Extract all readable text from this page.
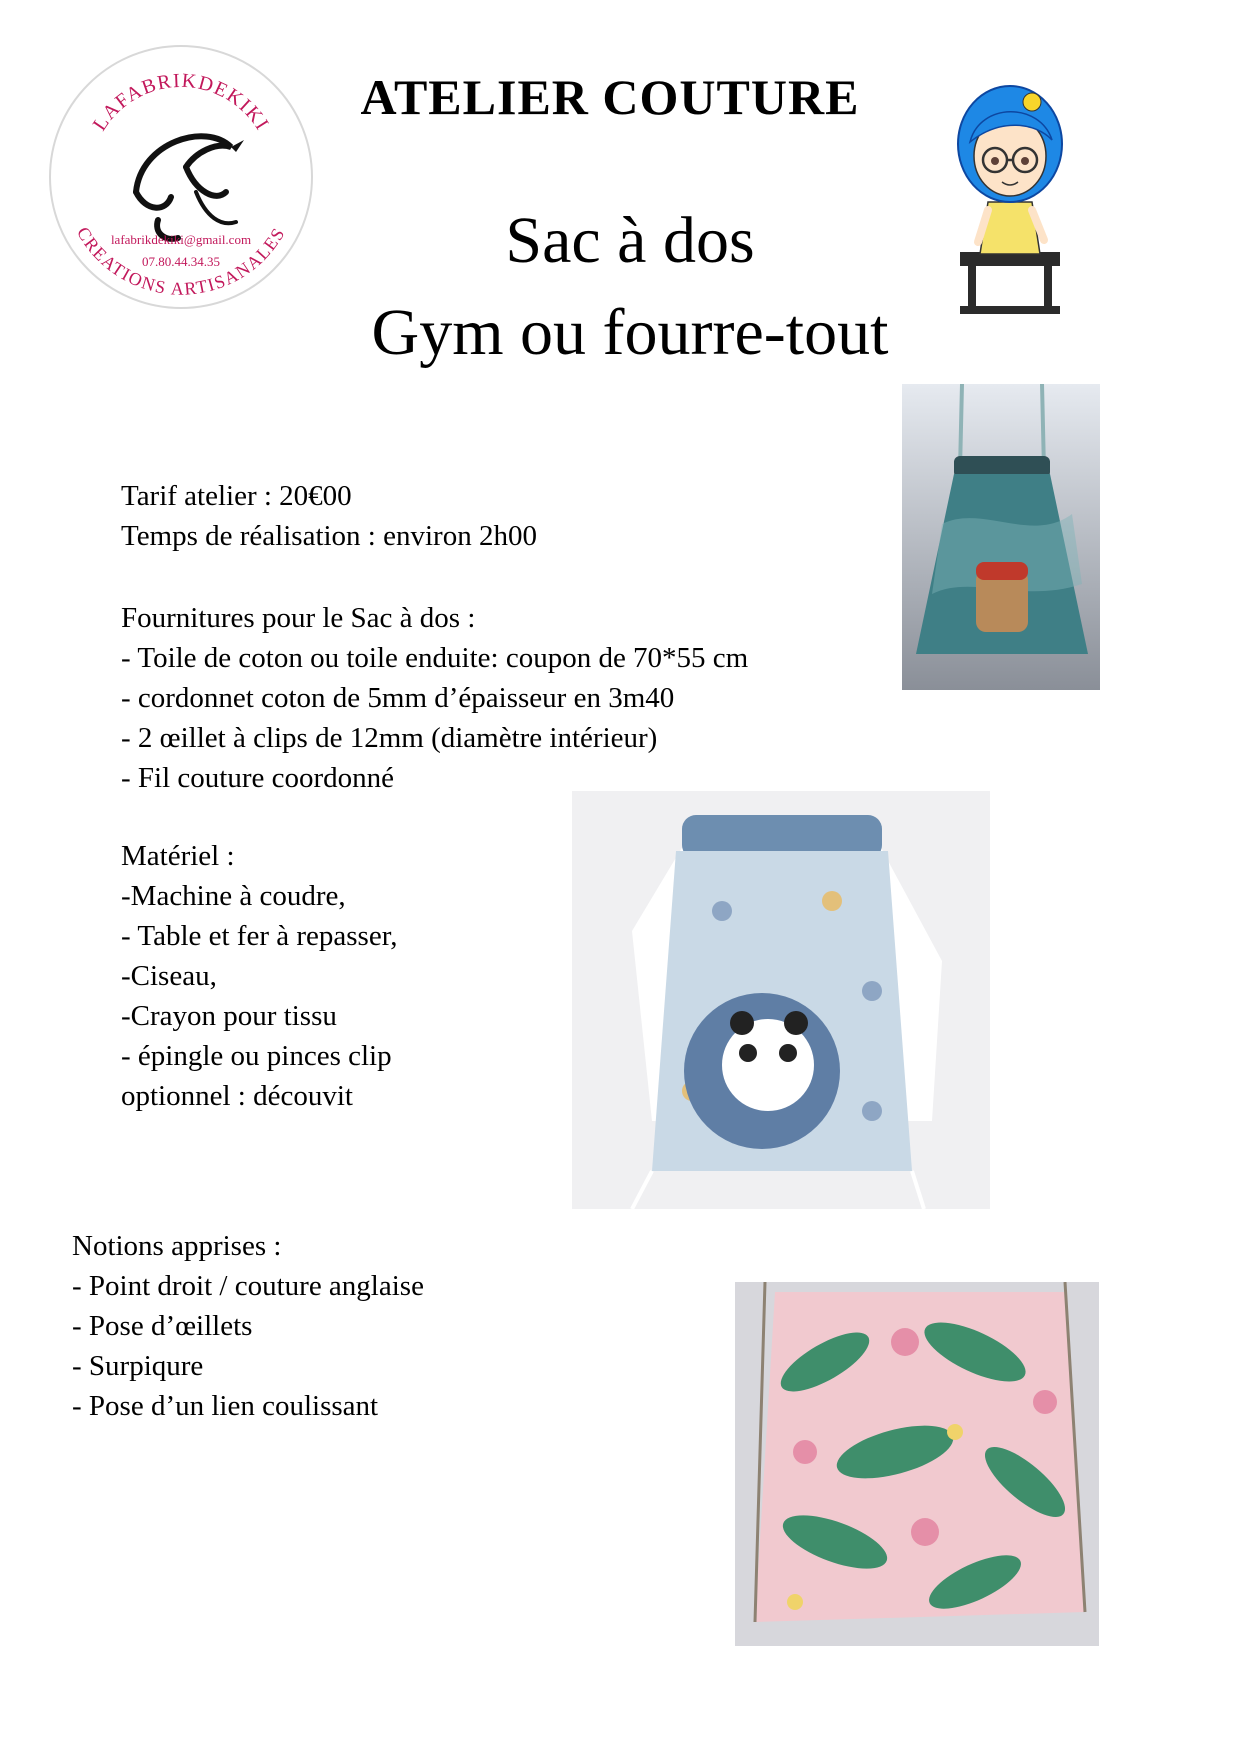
LAFABRIKDEKIKI
lafabrikdekiki@gmail.com
07.80.44.34.35
CREATIONS ARTISANALES
ATELIER COUTURE
Sac à dos
Gym ou fourre-tout
Tarif atelier : 20€00
Temps de réalisation : environ 2h00
Fournitures pour le Sac à dos :
- Toile de coton ou toile enduite: coupon de 70*55 cm
- cordonnet coton de 5mm d’épaisseur en 3m40
- 2 œillet à clips de 12mm (diamètre intérieur)
- Fil couture coordonné
Matériel :
-Machine à coudre,
- Table et fer à repasser,
-Ciseau,
-Crayon pour tissu
- épingle ou pinces clip
optionnel : découvit
Notions apprises :
- Point droit / couture anglaise
- Pose d’œillets
- Surpiqure
- Pose d’un lien coulissant
